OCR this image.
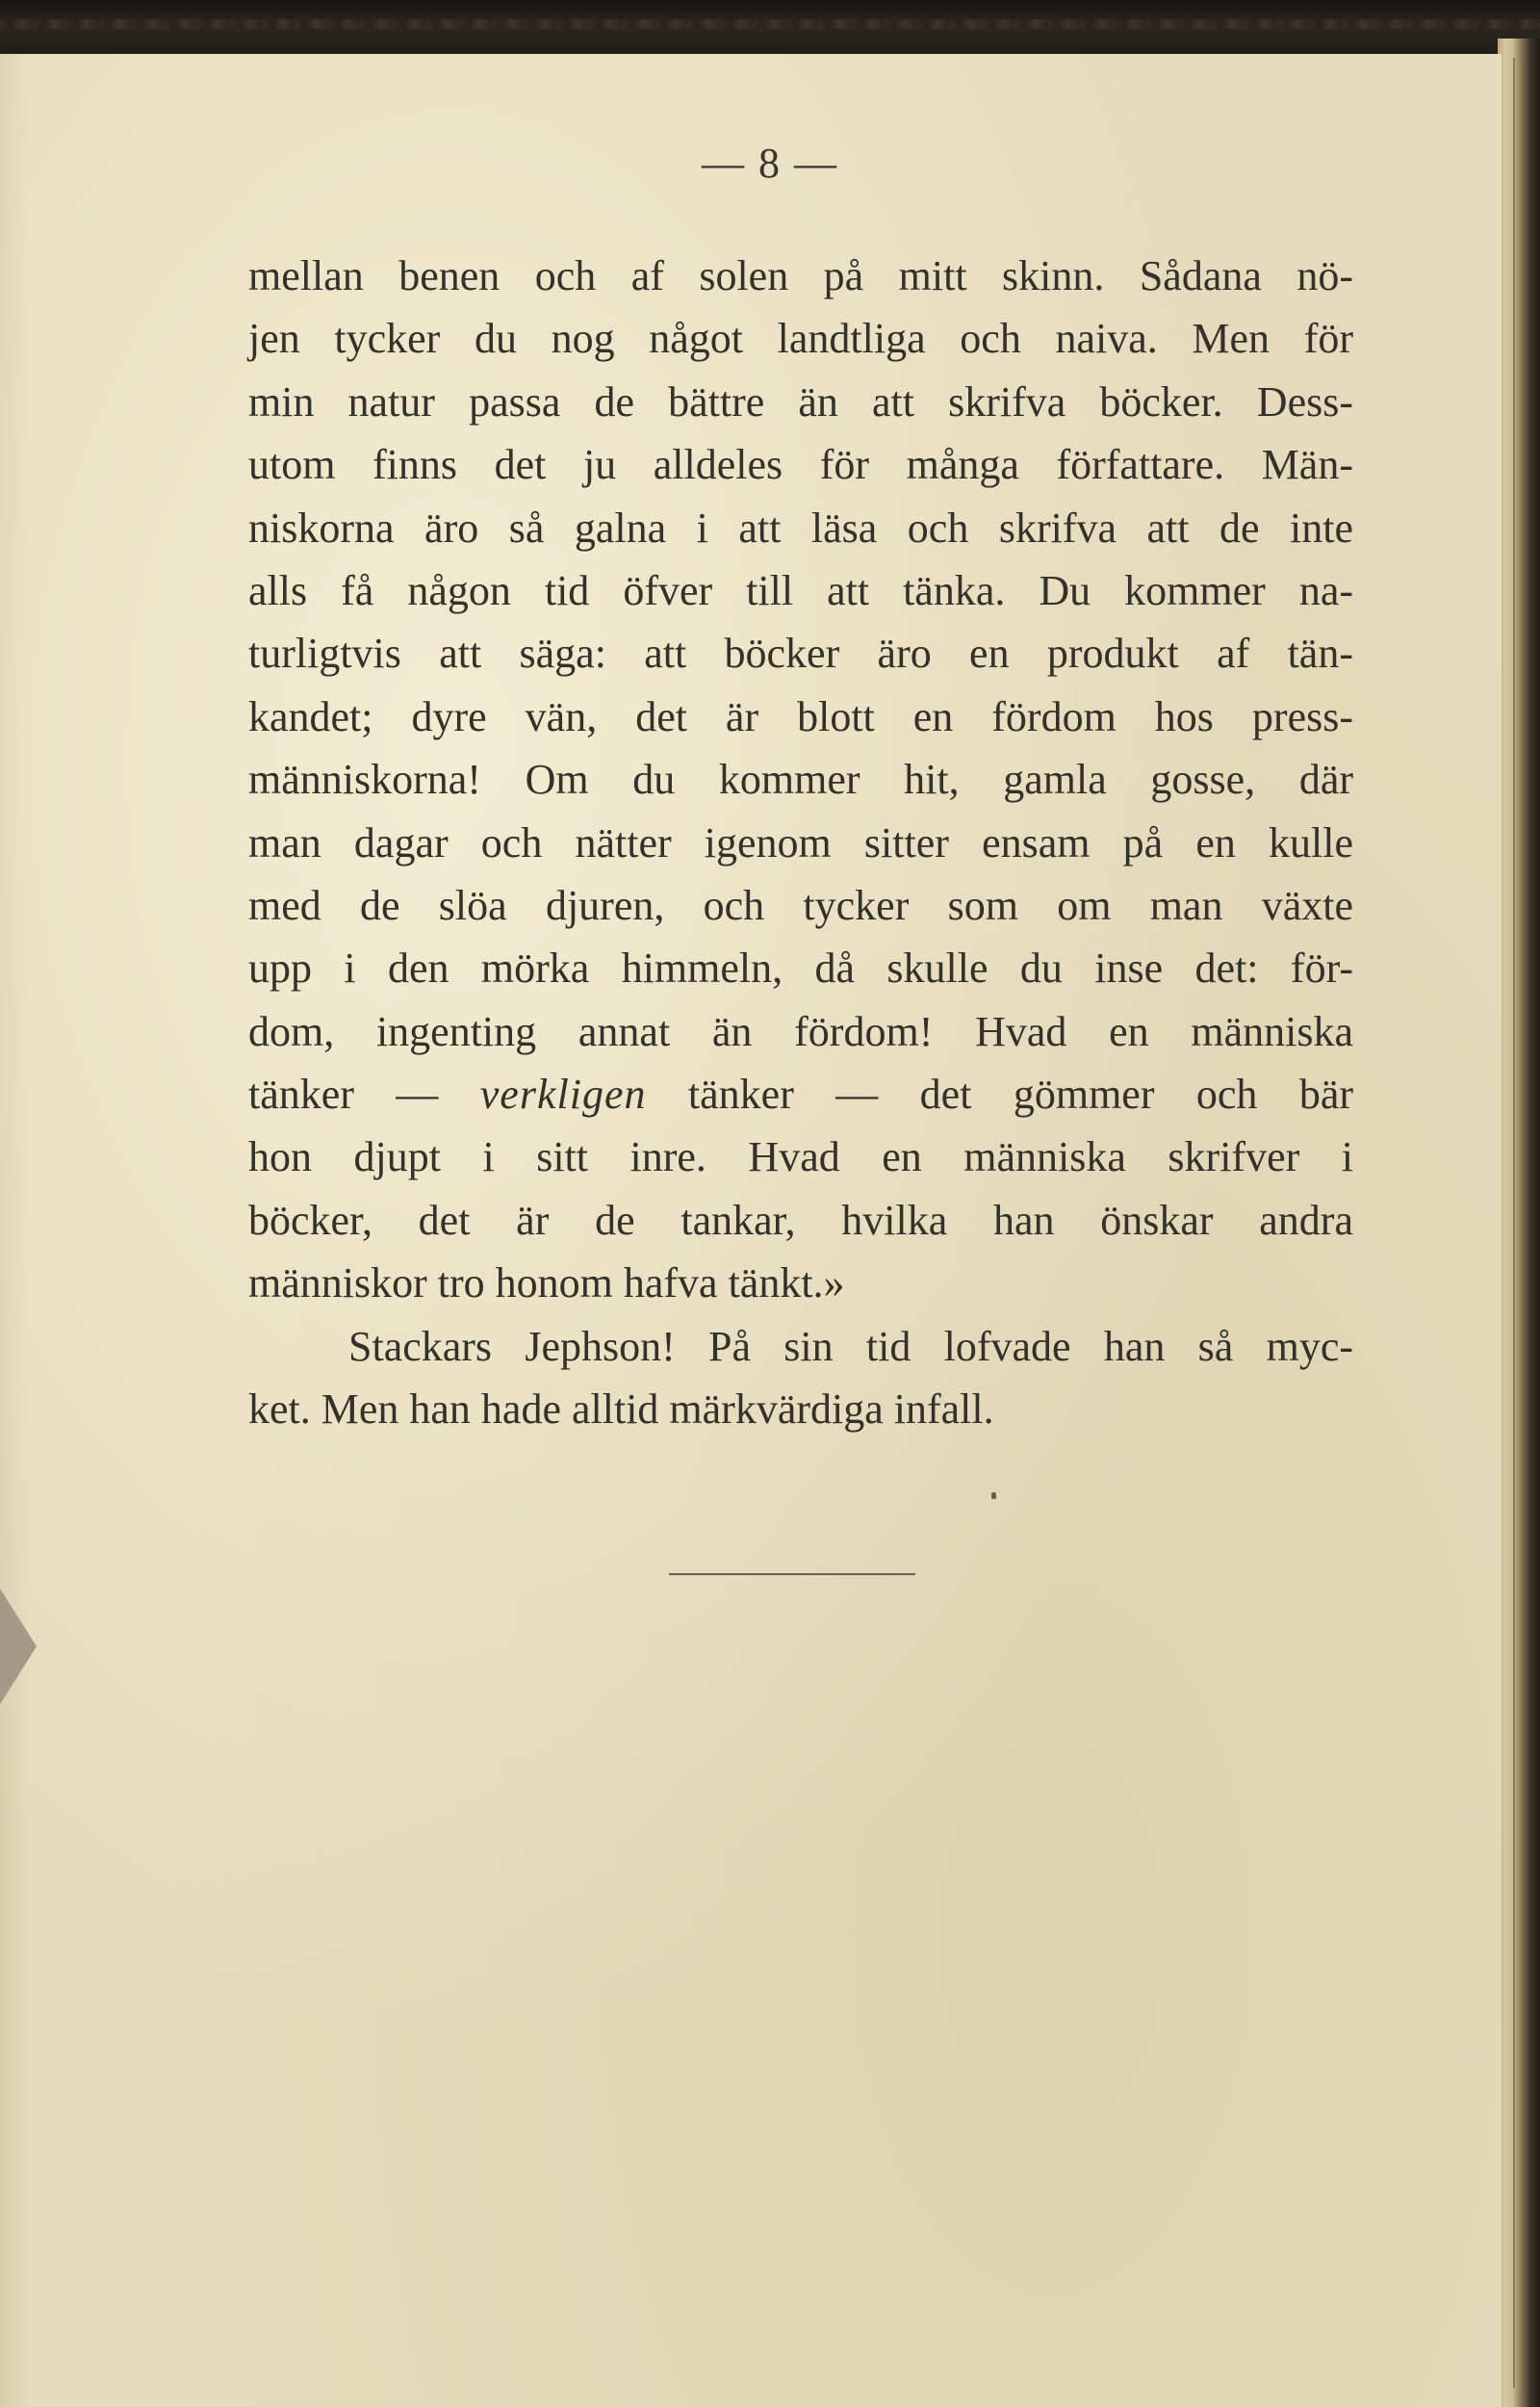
— 8 —
mellan benen och af solen på mitt skinn. Sådana nö-
jen tycker du nog något landtliga och naiva. Men för
min natur passa de bättre än att skrifva böcker. Dess-
utom finns det ju alldeles för många författare. Män-
niskorna äro så galna i att läsa och skrifva att de inte
alls få någon tid öfver till att tänka. Du kommer na-
turligtvis att säga: att böcker äro en produkt af tän-
kandet; dyre vän, det är blott en fördom hos press-
människorna! Om du kommer hit, gamla gosse, där
man dagar och nätter igenom sitter ensam på en kulle
med de slöa djuren, och tycker som om man växte
upp i den mörka himmeln, då skulle du inse det: för-
dom, ingenting annat än fördom! Hvad en människa
tänker — verkligen tänker — det gömmer och bär
hon djupt i sitt inre. Hvad en människa skrifver i
böcker, det är de tankar, hvilka han önskar andra
människor tro honom hafva tänkt.»
Stackars Jephson! På sin tid lofvade han så myc-
ket. Men han hade alltid märkvärdiga infall.
